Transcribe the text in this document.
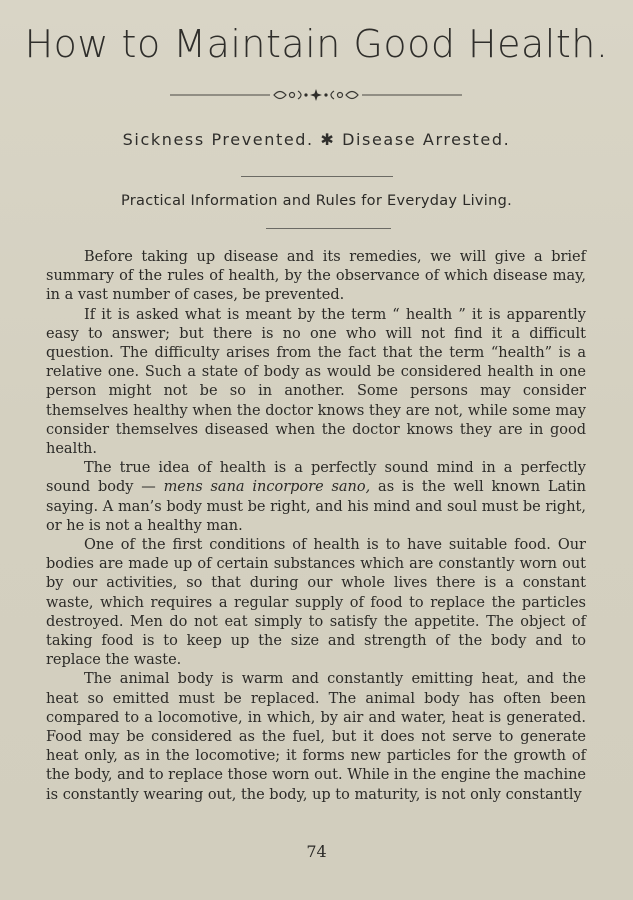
How to Maintain Good Health.
Sickness Prevented. ✱ Disease Arrested.
Practical Information and Rules for Everyday Living.

Before taking up disease and its remedies, we will give a brief summary of the rules of health, by the observance of which disease may, in a vast number of cases, be prevented.

If it is asked what is meant by the term “ health ” it is apparently easy to answer; but there is no one who will not find it a difficult question. The difficulty arises from the fact that the term “health” is a relative one. Such a state of body as would be considered health in one person might not be so in another. Some persons may consider themselves healthy when the doctor knows they are not, while some may consider themselves diseased when the doctor knows they are in good health.

The true idea of health is a perfectly sound mind in a perfectly sound body — mens sana incorpore sano, as is the well known Latin saying. A man’s body must be right, and his mind and soul must be right, or he is not a healthy man.

One of the first conditions of health is to have suitable food. Our bodies are made up of certain substances which are constantly worn out by our activities, so that during our whole lives there is a constant waste, which requires a regular supply of food to replace the particles destroyed. Men do not eat simply to satisfy the appetite. The object of taking food is to keep up the size and strength of the body and to replace the waste.

The animal body is warm and constantly emitting heat, and the heat so emitted must be replaced. The animal body has often been compared to a locomotive, in which, by air and water, heat is generated. Food may be considered as the fuel, but it does not serve to generate heat only, as in the locomotive; it forms new particles for the growth of the body, and to replace those worn out. While in the engine the machine is constantly wearing out, the body, up to maturity, is not only constantly

74
